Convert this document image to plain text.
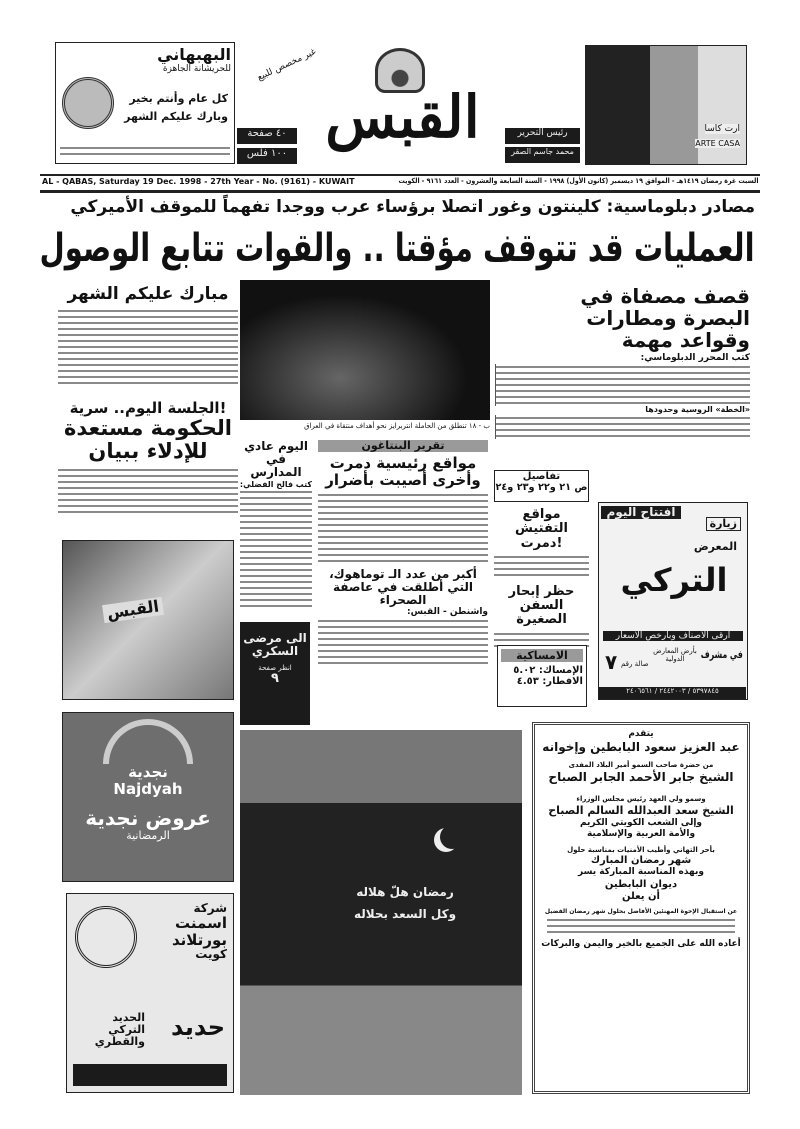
البهبهاني
للحريشانة الجاهزة
كل عام وأنتم بخير
وبارك عليكم الشهر
غير مخصص للبيع
٤٠ صفحة
١٠٠ فلس
القبس	رئيس التحرير
محمد جاسم الصقر
ارت كاسا
ARTE CASA
AL - QABAS, Saturday 19 Dec. 1998 - 27th Year - No. (9161) - KUWAIT	السبت غرة رمضان ١٤١٩هـ - الموافق ١٩ ديسمبر (كانون الأول) ١٩٩٨ - السنة السابعة والعشرون - العدد ٩١٦١ - الكويت
مصادر دبلوماسية: كلينتون وغور اتصلا برؤساء عرب ووجدا تفهماً للموقف الأميركي
العمليات قد تتوقف مؤقتا .. والقوات تتابع الوصول
مبارك عليكم الشهر
الجلسة اليوم.. سرية!
الحكومة مستعدة للإدلاء ببيان
القبس
نجدية
Najdyah
عروض نجدية
الرمضانية
شركة
اسمنت بورتلاند
كويت
حديد
الحديد التركي والقطري
ب - ١٨ تنطلق من الحاملة انتربرايز نحو أهداف منتقاة في العراق
قصف مصفاة في البصرة ومطارات وقواعد مهمة
كتب المحرر الدبلوماسي:
«الخطة» الروسية وحدودها
تفاصيل
ص ٢١ و٢٢ و٢٣ و٢٤
اليوم عادي في المدارس
كتب فالح الفضلي:
الى مرضى السكري
انظر صفحة
٩
تقرير البنتاغون
مواقع رئيسية دمرت وأخرى أصيبت بأضرار
أكبر من عدد الـ توماهوك، التي أطلقت في عاصفة الصحراء
واشنطن - القبس:
مواقع التفتيش دمرت!
حظر إبحار السفن الصغيرة
الامساكية
الإمساك: ٥.٠٢
الافطار: ٤.٥٣
افتتاح اليوم
زيارة
المعرض
التركي
أرقى الأصناف وبأرخص الأسعار
في مشرف
بأرض المعارض الدولية
صالة رقم
٧
٥٣٩٧٨٤٥ / ٢٤٤٢٠٠٣ / ٢٤٠٦٥٦١
رمضان هلّ هلاله
وكل السعد بحلاله
يتقدم
عبد العزيز سعود البابطين وإخوانه
من حضرة صاحب السمو أمير البلاد المفدى
الشيخ جابر الأحمد الجابر الصباح
وسمو ولي العهد رئيس مجلس الوزراء
الشيخ سعد العبدالله السالم الصباح
وإلى الشعب الكويتي الكريم
والأمة العربية والإسلامية
بأحر التهاني وأطيب الأمنيات بمناسبة حلول
شهر رمضان المبارك
وبهذه المناسبة المباركة يسر
ديوان البابطين
أن يعلن
عن استقبال الإخوة المهنئين الأفاضل بحلول شهر رمضان الفضيل
أعاده الله على الجميع بالخير واليمن والبركات
